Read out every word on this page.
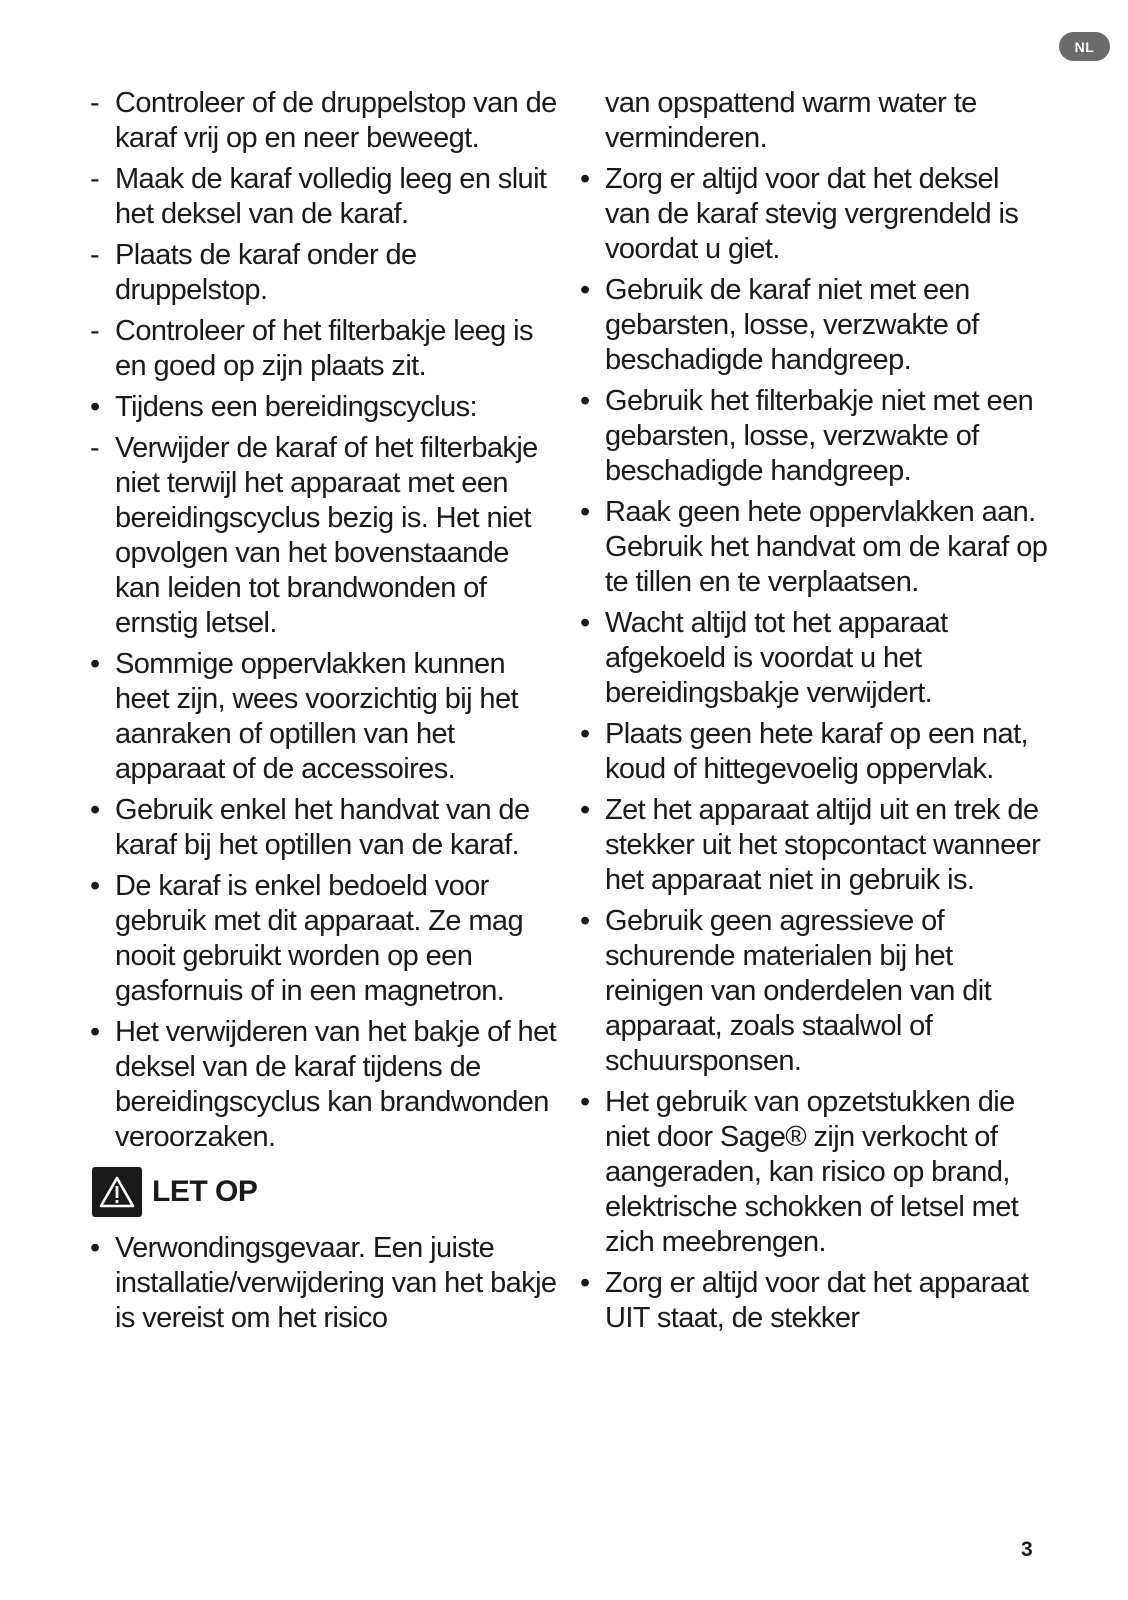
NL
- Controleer of de druppelstop van de karaf vrij op en neer beweegt.
- Maak de karaf volledig leeg en sluit het deksel van de karaf.
- Plaats de karaf onder de druppelstop.
- Controleer of het filterbakje leeg is en goed op zijn plaats zit.
• Tijdens een bereidingscyclus:
- Verwijder de karaf of het filterbakje niet terwijl het apparaat met een bereidingscyclus bezig is. Het niet opvolgen van het bovenstaande kan leiden tot brandwonden of ernstig letsel.
• Sommige oppervlakken kunnen heet zijn, wees voorzichtig bij het aanraken of optillen van het apparaat of de accessoires.
• Gebruik enkel het handvat van de karaf bij het optillen van de karaf.
• De karaf is enkel bedoeld voor gebruik met dit apparaat. Ze mag nooit gebruikt worden op een gasfornuis of in een magnetron.
• Het verwijderen van het bakje of het deksel van de karaf tijdens de bereidingscyclus kan brandwonden veroorzaken.
LET OP
• Verwondingsgevaar. Een juiste installatie/verwijdering van het bakje is vereist om het risico
van opspattend warm water te verminderen.
• Zorg er altijd voor dat het deksel van de karaf stevig vergrendeld is voordat u giet.
• Gebruik de karaf niet met een gebarsten, losse, verzwakte of beschadigde handgreep.
• Gebruik het filterbakje niet met een gebarsten, losse, verzwakte of beschadigde handgreep.
• Raak geen hete oppervlakken aan. Gebruik het handvat om de karaf op te tillen en te verplaatsen.
• Wacht altijd tot het apparaat afgekoeld is voordat u het bereidingsbakje verwijdert.
• Plaats geen hete karaf op een nat, koud of hittegevoelig oppervlak.
• Zet het apparaat altijd uit en trek de stekker uit het stopcontact wanneer het apparaat niet in gebruik is.
• Gebruik geen agressieve of schurende materialen bij het reinigen van onderdelen van dit apparaat, zoals staalwol of schuursponsen.
• Het gebruik van opzetstukken die niet door Sage® zijn verkocht of aangeraden, kan risico op brand, elektrische schokken of letsel met zich meebrengen.
• Zorg er altijd voor dat het apparaat UIT staat, de stekker
3
